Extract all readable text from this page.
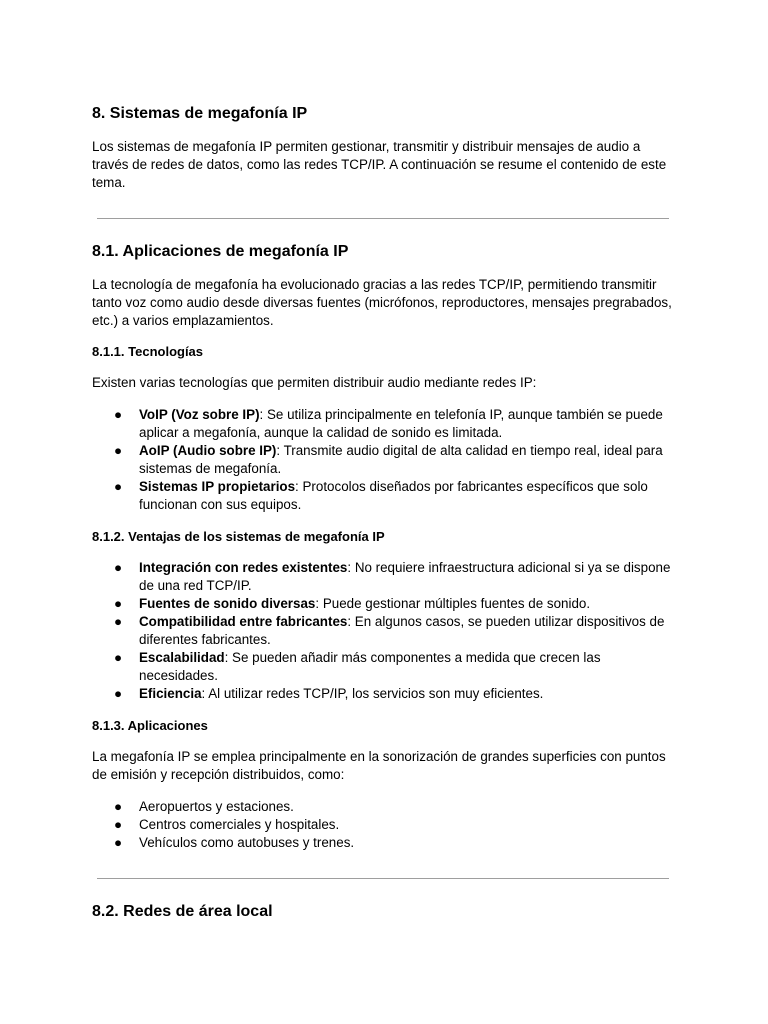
8. Sistemas de megafonía IP

Los sistemas de megafonía IP permiten gestionar, transmitir y distribuir mensajes de audio a través de redes de datos, como las redes TCP/IP. A continuación se resume el contenido de este tema.

8.1. Aplicaciones de megafonía IP

La tecnología de megafonía ha evolucionado gracias a las redes TCP/IP, permitiendo transmitir tanto voz como audio desde diversas fuentes (micrófonos, reproductores, mensajes pregrabados, etc.) a varios emplazamientos.

8.1.1. Tecnologías

Existen varias tecnologías que permiten distribuir audio mediante redes IP:

● VoIP (Voz sobre IP): Se utiliza principalmente en telefonía IP, aunque también se puede aplicar a megafonía, aunque la calidad de sonido es limitada.
● AoIP (Audio sobre IP): Transmite audio digital de alta calidad en tiempo real, ideal para sistemas de megafonía.
● Sistemas IP propietarios: Protocolos diseñados por fabricantes específicos que solo funcionan con sus equipos.
8.1.2. Ventajas de los sistemas de megafonía IP
● Integración con redes existentes: No requiere infraestructura adicional si ya se dispone de una red TCP/IP.
● Fuentes de sonido diversas: Puede gestionar múltiples fuentes de sonido.
● Compatibilidad entre fabricantes: En algunos casos, se pueden utilizar dispositivos de diferentes fabricantes.
● Escalabilidad: Se pueden añadir más componentes a medida que crecen las necesidades.
● Eficiencia: Al utilizar redes TCP/IP, los servicios son muy eficientes.
8.1.3. Aplicaciones

La megafonía IP se emplea principalmente en la sonorización de grandes superficies con puntos de emisión y recepción distribuidos, como:

● Aeropuertos y estaciones.
● Centros comerciales y hospitales.
● Vehículos como autobuses y trenes.
8.2. Redes de área local
